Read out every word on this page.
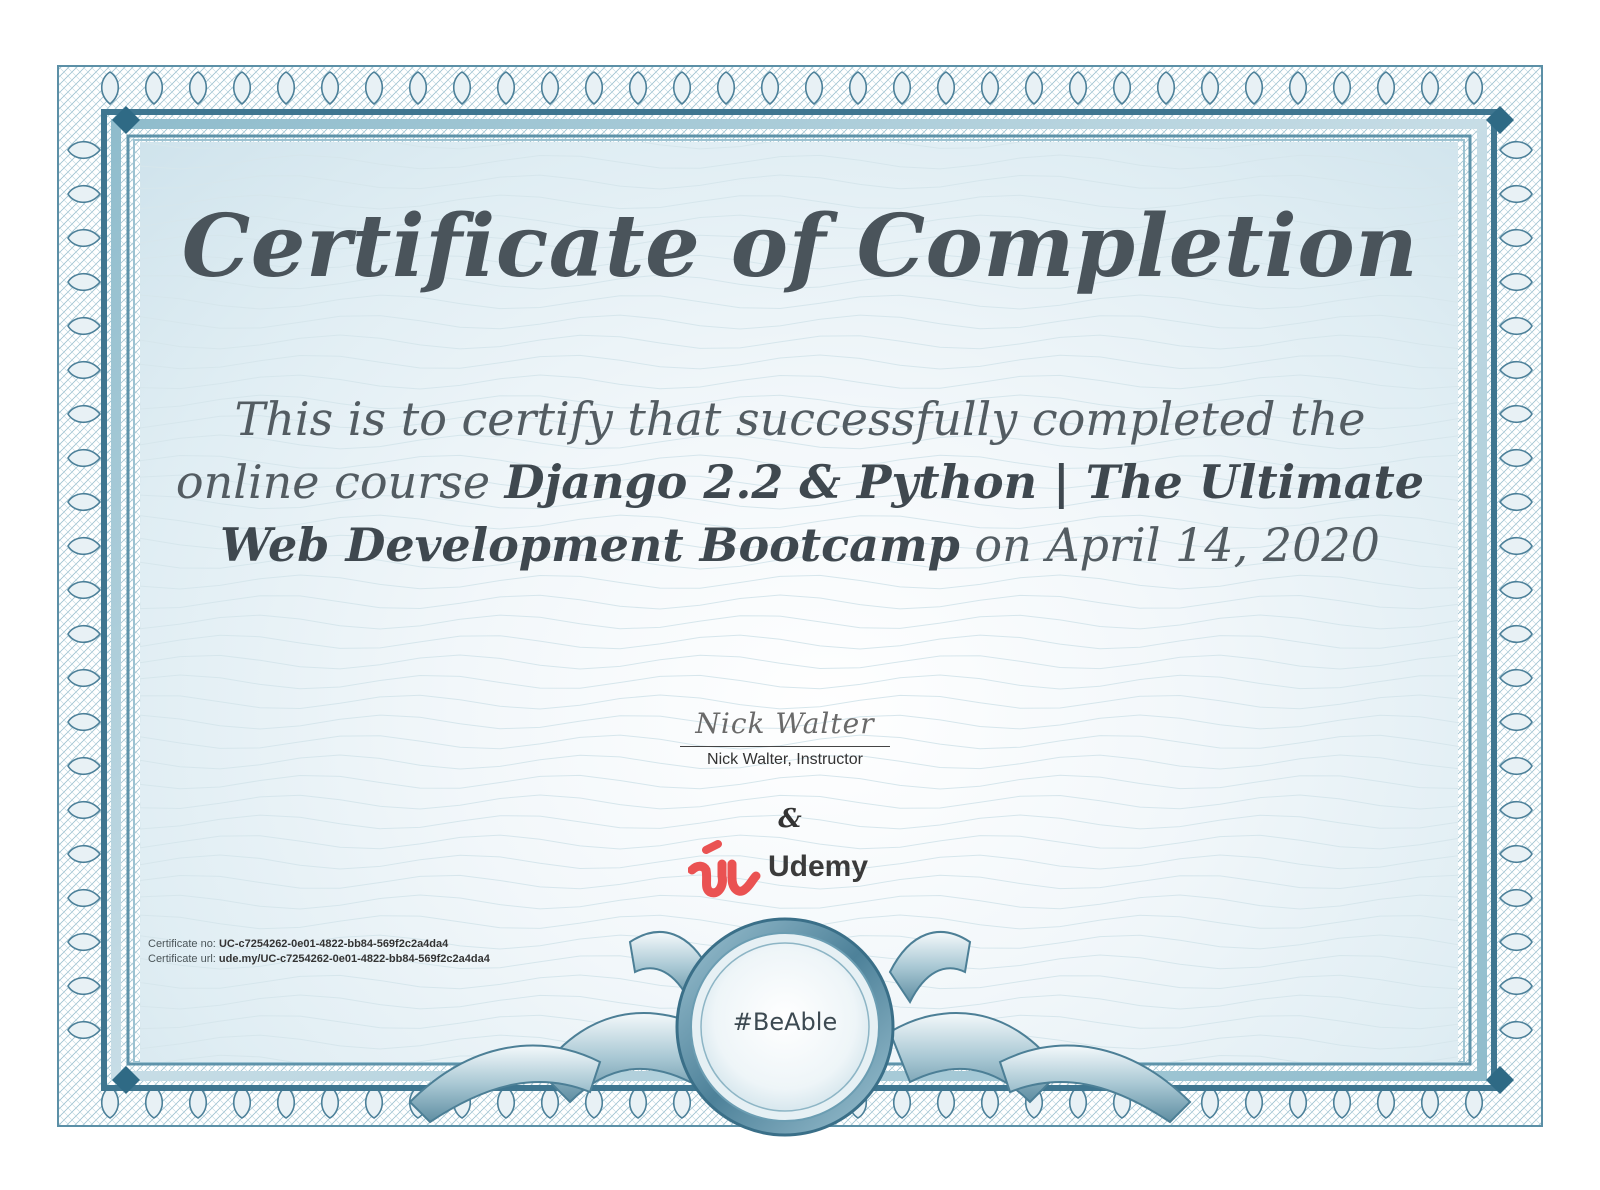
Certificate of Completion

This is to certify that successfully completed the online course Django 2.2 & Python | The Ultimate Web Development Bootcamp on April 14, 2020

Nick Walter
Nick Walter, Instructor
&
Udemy
Certificate no: UC-c7254262-0e01-4822-bb84-569f2c2a4da4
Certificate url: ude.my/UC-c7254262-0e01-4822-bb84-569f2c2a4da4
#BeAble
